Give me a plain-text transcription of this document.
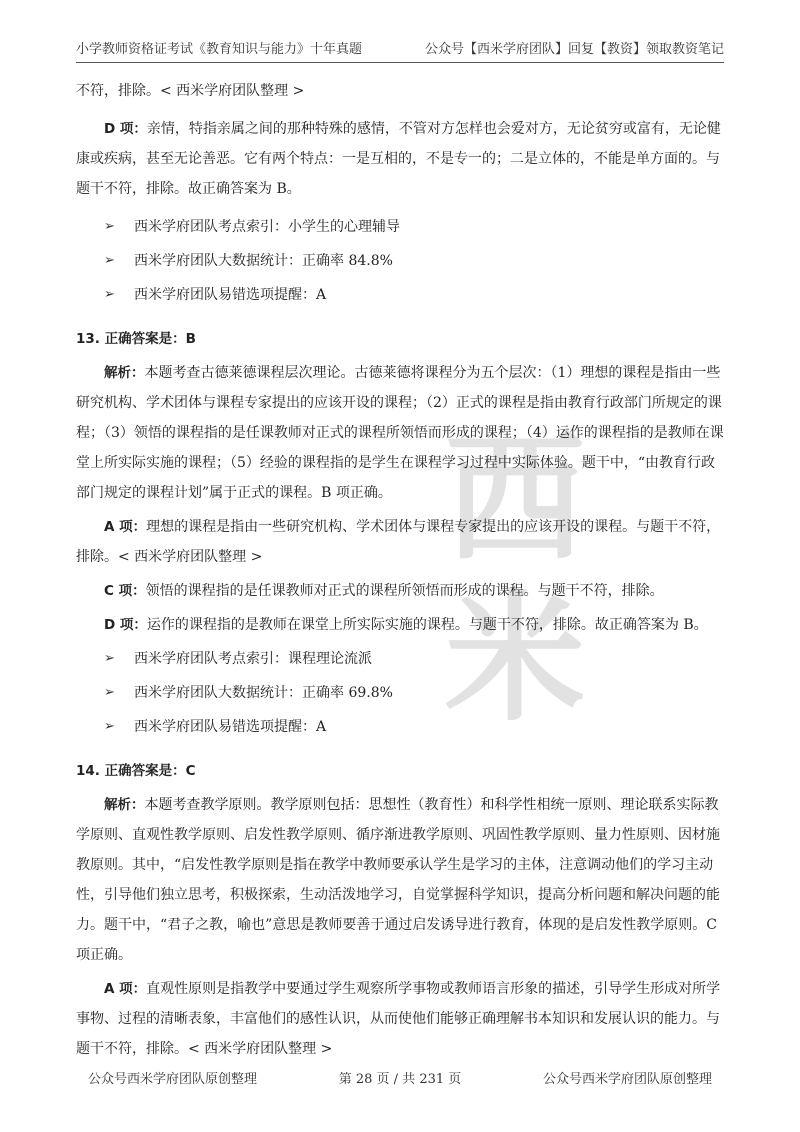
西
米
小学教师资格证考试《教育知识与能力》十年真题	公众号【西米学府团队】回复【教资】领取教资笔记

不符，排除。< 西米学府团队整理 >

D 项：亲情，特指亲属之间的那种特殊的感情，不管对方怎样也会爱对方，无论贫穷或富有，无论健康或疾病，甚至无论善恶。它有两个特点：一是互相的，不是专一的；二是立体的，不能是单方面的。与题干不符，排除。故正确答案为 B。

➢	西米学府团队考点索引：小学生的心理辅导
➢	西米学府团队大数据统计：正确率 84.8%
➢	西米学府团队易错选项提醒：A

13. 正确答案是：B

解析：本题考查古德莱德课程层次理论。古德莱德将课程分为五个层次：（1）理想的课程是指由一些研究机构、学术团体与课程专家提出的应该开设的课程；（2）正式的课程是指由教育行政部门所规定的课程；（3）领悟的课程指的是任课教师对正式的课程所领悟而形成的课程；（4）运作的课程指的是教师在课堂上所实际实施的课程；（5）经验的课程指的是学生在课程学习过程中实际体验。题干中，“由教育行政部门规定的课程计划”属于正式的课程。B 项正确。

A 项：理想的课程是指由一些研究机构、学术团体与课程专家提出的应该开设的课程。与题干不符，排除。< 西米学府团队整理 >

C 项：领悟的课程指的是任课教师对正式的课程所领悟而形成的课程。与题干不符，排除。

D 项：运作的课程指的是教师在课堂上所实际实施的课程。与题干不符，排除。故正确答案为 B。

➢	西米学府团队考点索引：课程理论流派
➢	西米学府团队大数据统计：正确率 69.8%
➢	西米学府团队易错选项提醒：A

14. 正确答案是：C

解析：本题考查教学原则。教学原则包括：思想性（教育性）和科学性相统一原则、理论联系实际教学原则、直观性教学原则、启发性教学原则、循序渐进教学原则、巩固性教学原则、量力性原则、因材施教原则。其中，“启发性教学原则是指在教学中教师要承认学生是学习的主体，注意调动他们的学习主动性，引导他们独立思考，积极探索，生动活泼地学习，自觉掌握科学知识，提高分析问题和解决问题的能力。题干中，“君子之教，喻也”意思是教师要善于通过启发诱导进行教育，体现的是启发性教学原则。C 项正确。

A 项：直观性原则是指教学中要通过学生观察所学事物或教师语言形象的描述，引导学生形成对所学事物、过程的清晰表象，丰富他们的感性认识，从而使他们能够正确理解书本知识和发展认识的能力。与题干不符，排除。< 西米学府团队整理 >

公众号西米学府团队原创整理	第 28 页 / 共 231 页	公众号西米学府团队原创整理
